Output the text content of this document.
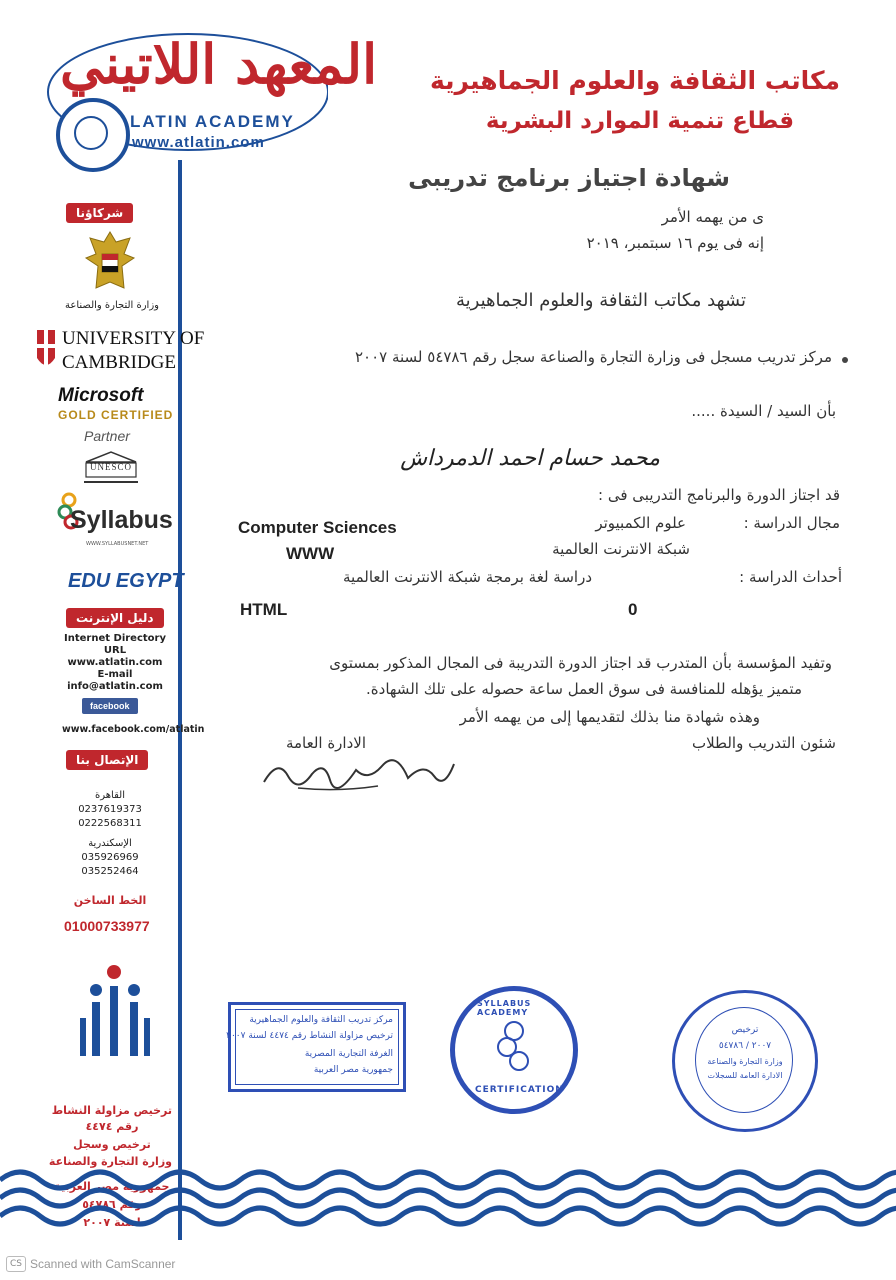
المعهد اللاتيني
LATIN ACADEMY
www.atlatin.com
مكاتب الثقافة والعلوم الجماهيرية
قطاع تنمية الموارد البشرية
شهادة اجتياز برنامج تدريبى
شركاؤنا
وزارة التجارة والصناعة
UNIVERSITY OF
CAMBRIDGE
Microsoft
GOLD CERTIFIED
Partner
UNESCO
Syllabus
WWW.SYLLABUSNET.NET
EDU EGYPT
دليل الإنترنت
Internet Directory
URL
www.atlatin.com
E-mail
info@atlatin.com
facebook
www.facebook.com/atlatin
الإتصال بنا
القاهرة
0237619373
0222568311
الإسكندرية
035926969
035252464
الخط الساخن
01000733977
ترخيص مزاولة النشاط
رقم ٤٤٧٤
ترخيص وسجل
وزارة التجارة والصناعة
جمهورية مصر العربية
رقم ٥٤٧٨٦
لسنة ٢٠٠٧
ى من يهمه الأمر
إنه فى يوم ١٦ سبتمبر، ٢٠١٩
تشهد مكاتب الثقافة والعلوم الجماهيرية
مركز تدريب مسجل فى وزارة التجارة والصناعة سجل رقم ٥٤٧٨٦ لسنة ٢٠٠٧
بأن السيد / السيدة .....
محمد حسام احمد الدمرداش
قد اجتاز الدورة والبرنامج التدريبى فى :
مجال الدراسة :
علوم الكمبيوتر
Computer Sciences
شبكة الانترنت العالمية
WWW
أحداث الدراسة :
دراسة لغة برمجة شبكة الانترنت العالمية
HTML	0
وتفيد المؤسسة بأن المتدرب قد اجتاز الدورة التدريبة فى المجال المذكور بمستوى
متميز يؤهله للمنافسة فى سوق العمل ساعة حصوله على تلك الشهادة.
وهذه شهادة منا بذلك لتقديمها إلى من يهمه الأمر
شئون التدريب والطلاب
الادارة العامة
مركز تدريب الثقافة والعلوم الجماهيرية
ترخيص مزاولة النشاط رقم ٤٤٧٤ لسنة ٢٠٠٧
الغرفة التجارية المصرية
جمهورية مصر العربية
SYLLABUS ACADEMY
CERTIFICATION
ترخيص
٢٠٠٧ / ٥٤٧٨٦
وزارة التجارة والصناعة
الادارة العامة للسجلات
CS Scanned with CamScanner
